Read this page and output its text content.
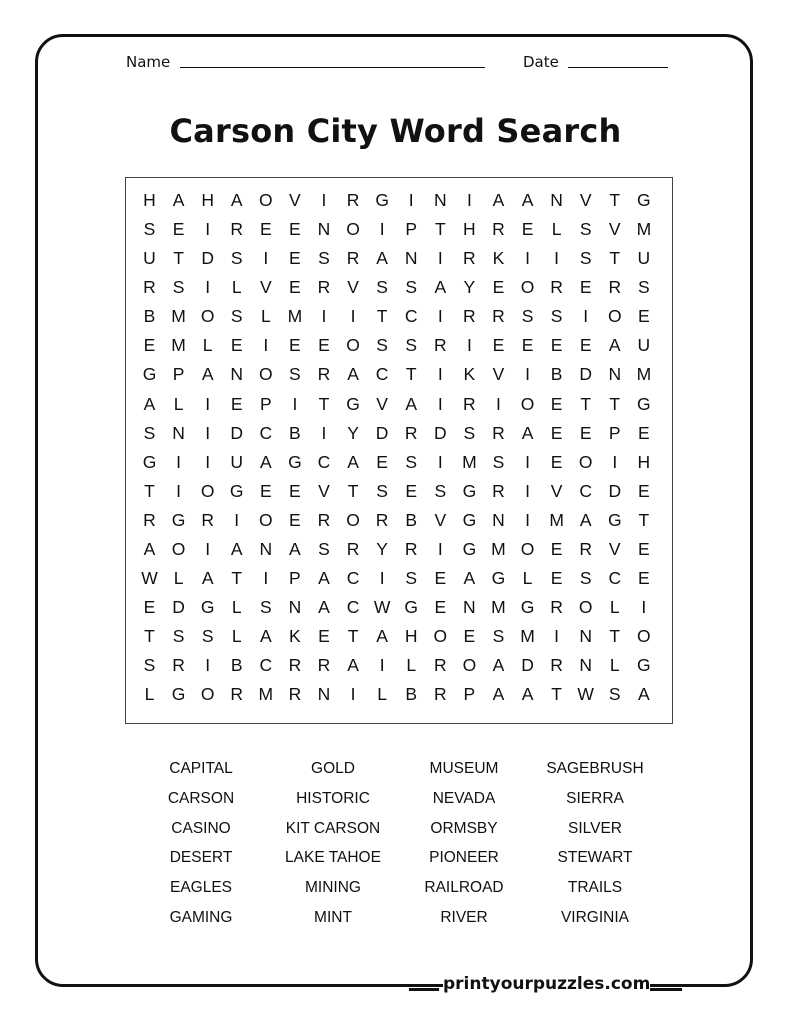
Name	Date
Carson City Word Search
H A H A O V	I	R G	I	N	I	A A N V	T G
S E	I	R E E N O	I	P	T H R E	L	S V M
U T D S	I	E S R A N	I	R K	I	I	S	T U
R S	I	L	V E R V S S A Y E O R E R S
B M O S	L M	I	I	T C	I	R R S S	I	O E
E M L	E	I	E E O S S R	I	E E E E A U
G P A N O S R A C T	I	K V	I	B D N M
A	L	I	E P	I	T G V A	I	R	I	O E	T	T G
S N	I	D C B	I	Y D R D S R A E E P E
G	I	I	U A G C A E S	I	M S	I	E O	I	H
T	I	O G E E V	T	S E S G R	I	V C D E
R G R	I	O E R O R B V G N	I	M A G T
A O	I	A N A S R Y R	I	G M O E R V E
W L	A	T	I	P A C	I	S E A G L	E S C E
E D G L	S N A C W G E N M G R O L	I
T	S S	L	A K E	T	A H O E S M	I	N T O
S R	I	B C R R A	I	L	R O A D R N	L G
L G O R M R N	I	L	B R P A A	T W S A
CAPITAL	GOLD	MUSEUM	SAGEBRUSH
CARSON	HISTORIC	NEVADA	SIERRA
CASINO	KIT CARSON	ORMSBY	SILVER
DESERT	LAKE TAHOE	PIONEER	STEWART
EAGLES	MINING	RAILROAD	TRAILS
GAMING	MINT	RIVER	VIRGINIA
printyourpuzzles.com
